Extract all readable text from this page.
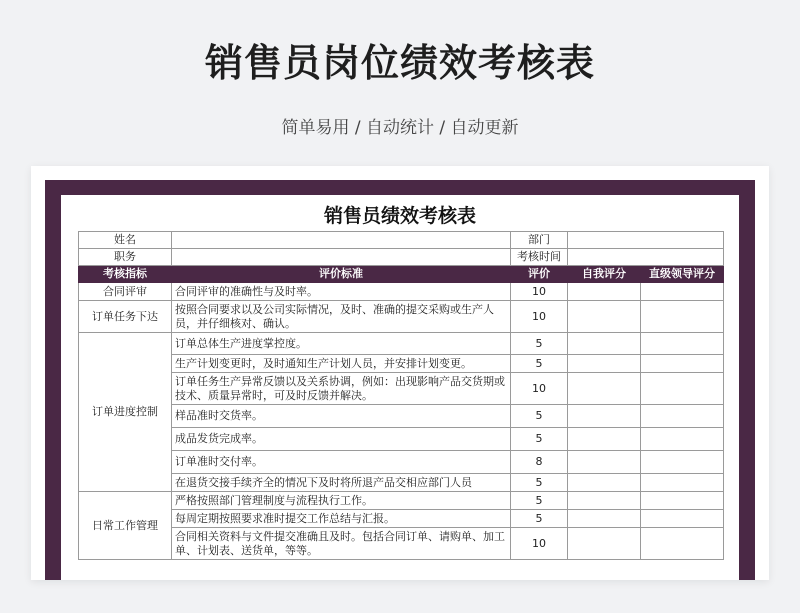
销售员岗位绩效考核表
简单易用 / 自动统计 / 自动更新
销售员绩效考核表
姓名		部门		
职务		考核时间		
考核指标	评价标准	评价	自我评分	直级领导评分
合同评审	合同评审的准确性与及时率。	10		
订单任务下达	按照合同要求以及公司实际情况，及时、准确的提交采购或生产人员，并仔细核对、确认。	10		
订单进度控制	订单总体生产进度掌控度。	5		
	生产计划变更时，及时通知生产计划人员，并安排计划变更。	5		
	订单任务生产异常反馈以及关系协调，例如：出现影响产品交货期或技术、质量异常时，可及时反馈并解决。	10		
	样品准时交货率。	5		
	成品发货完成率。	5		
	订单准时交付率。	8		
	在退货交接手续齐全的情况下及时将所退产品交相应部门人员	5		
日常工作管理	严格按照部门管理制度与流程执行工作。	5		
	每周定期按照要求准时提交工作总结与汇报。	5		
	合同相关资料与文件提交准确且及时。包括合同订单、请购单、加工单、计划表、送货单，等等。	10		
